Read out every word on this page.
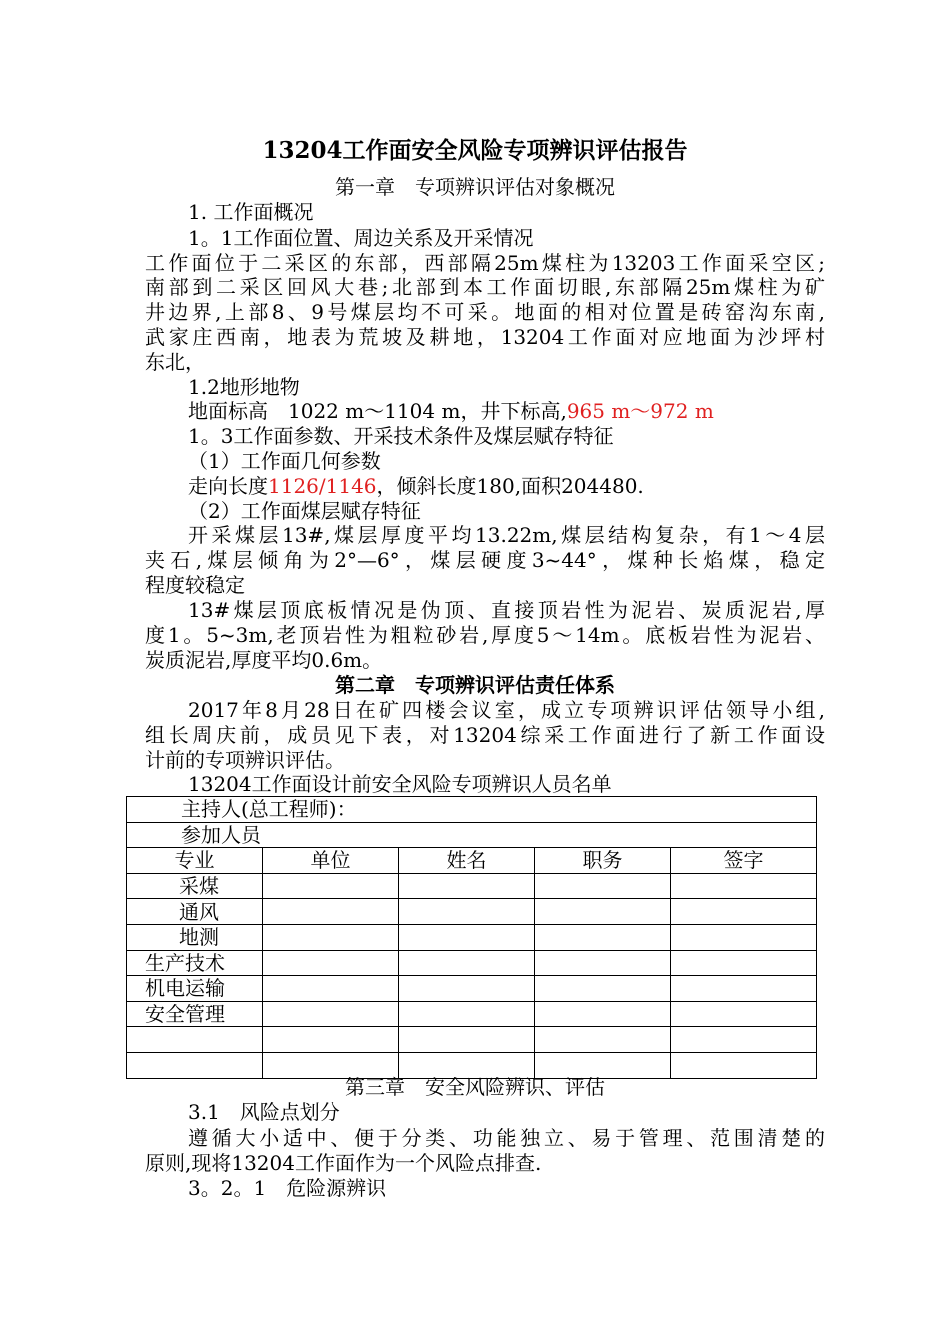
13204工作面安全风险专项辨识评估报告
第一章　专项辨识评估对象概况
1. 工作面概况
1。1工作面位置、周边关系及开采情况
工作面位于二采区的东部，西部隔25m煤柱为13203工作面采空区;
南部到二采区回风大巷;北部到本工作面切眼,东部隔25m煤柱为矿
井边界,上部8、9号煤层均不可采。地面的相对位置是砖窑沟东南,
武家庄西南，地表为荒坡及耕地，13204工作面对应地面为沙坪村
东北，
1.2地形地物
地面标高　1022 m～1104 m，井下标高,965 m～972 m
1。3工作面参数、开采技术条件及煤层赋存特征
（1）工作面几何参数
走向长度1126/1146，倾斜长度180,面积204480.
（2）工作面煤层赋存特征
开采煤层13#,煤层厚度平均13.22m,煤层结构复杂，有1～4层
夹石,煤层倾角为2°—6°，煤层硬度3~44°，煤种长焰煤，稳定
程度较稳定
13#煤层顶底板情况是伪顶、直接顶岩性为泥岩、炭质泥岩,厚
度1。5~3m,老顶岩性为粗粒砂岩,厚度5～14m。底板岩性为泥岩、
炭质泥岩,厚度平均0.6m。
第二章　专项辨识评估责任体系
2017年8月28日在矿四楼会议室，成立专项辨识评估领导小组,
组长周庆前，成员见下表，对13204综采工作面进行了新工作面设
计前的专项辨识评估。
13204工作面设计前安全风险专项辨识人员名单
主持人(总工程师)：				
参加人员				
专业	单位	姓名	职务	签字
采煤				
通风				
地测				
生产技术				
机电运输				
安全管理				

第三章　安全风险辨识、评估
3.1　风险点划分
遵循大小适中、便于分类、功能独立、易于管理、范围清楚的
原则,现将13204工作面作为一个风险点排查.
3。2。1　危险源辨识
